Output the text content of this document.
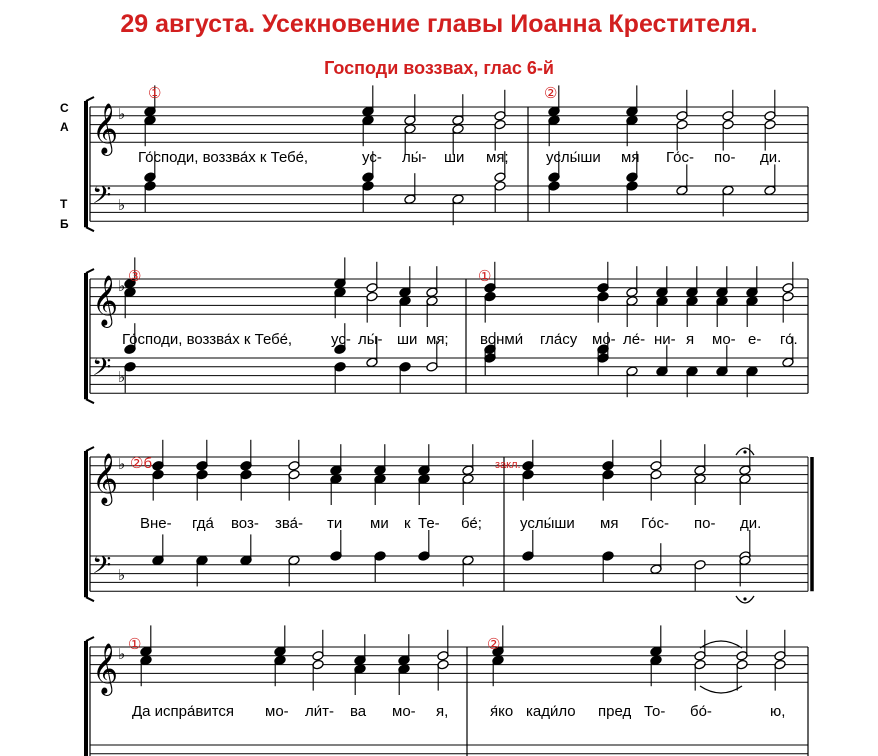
29 августа. Усекновение главы Иоанна Крестителя.
Господи воззвах, глас 6-й
𝄞 ♭
𝄢 ♭
①
Го́споди, воззва́х к Тебе́,	ус- лы́- ши мя;
②
услы́ши мя Го́с- по- ди.
𝄞 ♭
𝄢 ♭
③
Го́споди, воззва́х к Тебе́,	ус- лы́- ши мя;
①
вонми́ гла́су мо- ле́- ни- я мо- е- го́.
𝄞 ♭
𝄢 ♭
②б
Вне- гда́ воз- зва́- ти ми к Те- бе́;
закл.
услы́ши мя Го́с- по- ди.
𝄞 ♭
①
Да испра́вится мо- ли́т- ва мо- я,
②
я́ко кади́ло пред То- бо́-	ю,
С
А
Т
Б
